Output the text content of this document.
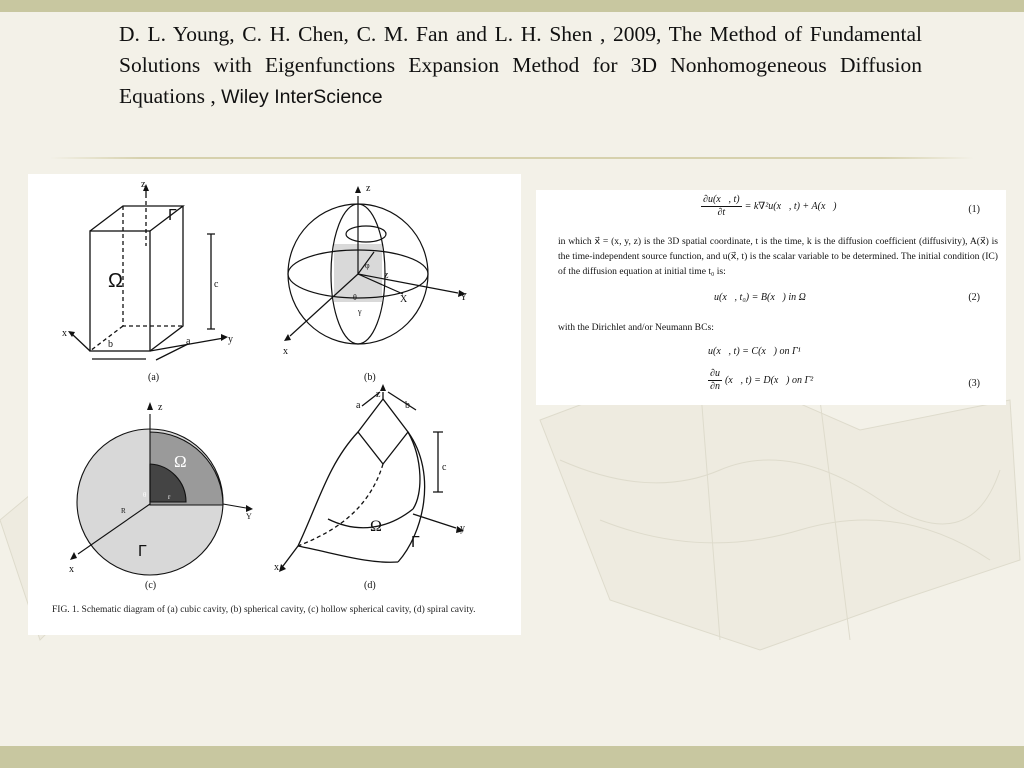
D. L. Young, C. H. Chen, C. M. Fan and L. H. Shen , 2009, The Method of Fundamental Solutions with Eigenfunctions Expansion Method for 3D Nonhomogeneous Diffusion Equations , Wiley InterScience

z
x
y
Γ
Ω	c
b	a
(a)
z
Y
x
X
z
φ
θ
γ
(b)
z
x
Y
Ω
Γ
R
r
θ
(c)
z
x
y
a	b
c
Ω
Γ
(d)

FIG. 1. Schematic diagram of (a) cubic cavity, (b) spherical cavity, (c) hollow spherical cavity, (d) spiral cavity.

$\frac{\partial u(x⃗, t)}{\partial t}$ = k∇²u(x⃗, t) + A(x⃗)	(1)

in which x⃗ = (x, y, z) is the 3D spatial coordinate, t is the time, k is the diffusion coefficient (diffusivity), A(x⃗) is the time-independent source function, and u(x⃗, t) is the scalar variable to be determined. The initial condition (IC) of the diffusion equation at initial time t₀ is:

u(x⃗, t₀) = B(x⃗) in Ω	(2)

with the Dirichlet and/or Neumann BCs:

u(x⃗, t) = C(x⃗) on Γ¹
$\frac{\partial u}{\partial n}$ (x⃗, t) = D(x⃗) on Γ²	(3)
